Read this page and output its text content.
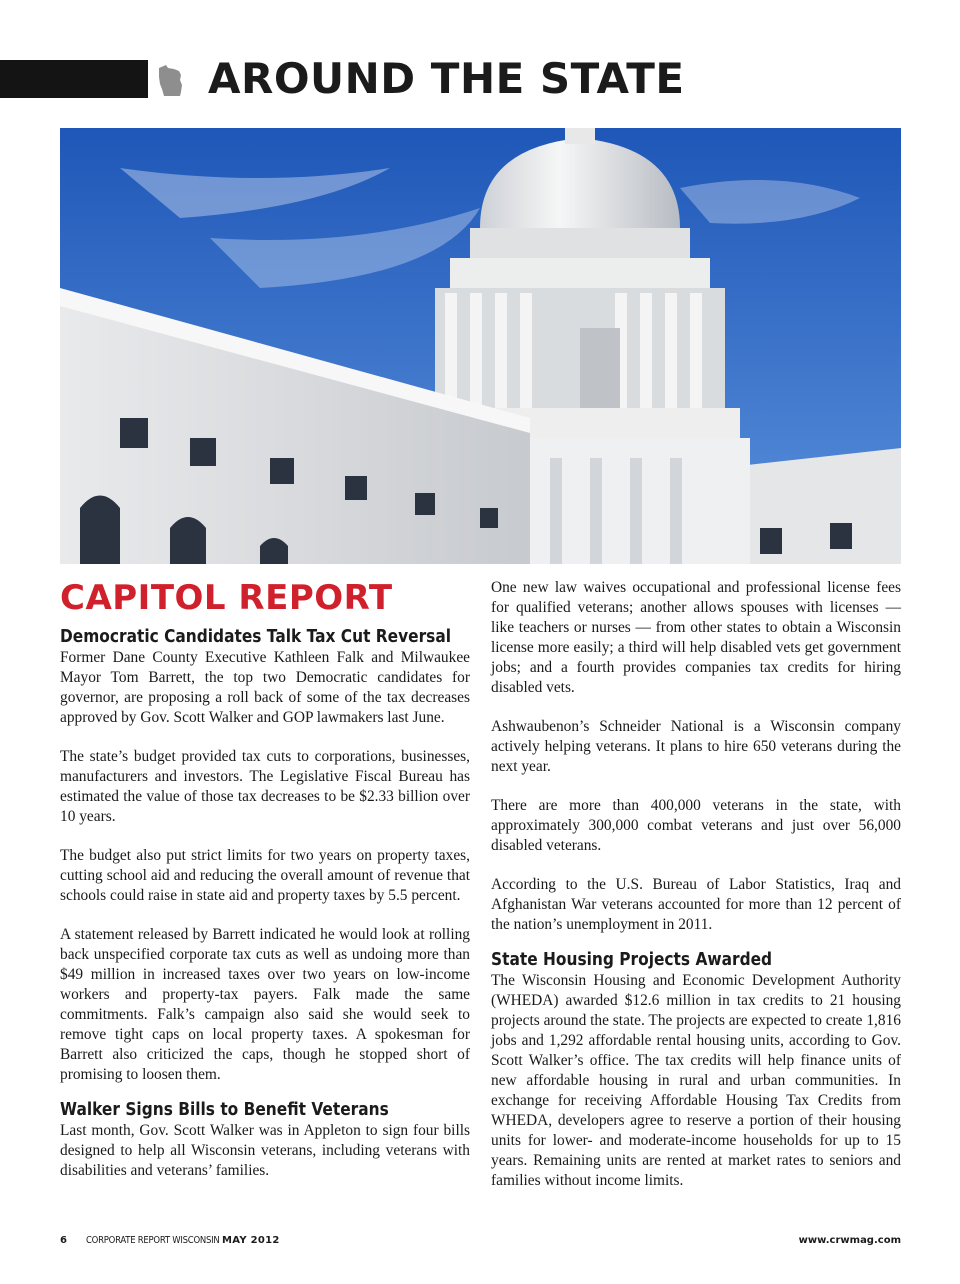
AROUND THE STATE
CAPITOL REPORT
Democratic Candidates Talk Tax Cut Reversal

Former Dane County Executive Kathleen Falk and Milwaukee Mayor Tom Barrett, the top two Democratic candidates for governor, are proposing a roll back of some of the tax decreases approved by Gov. Scott Walker and GOP lawmakers last June.

The state’s budget provided tax cuts to corporations, businesses, manufacturers and investors. The Legislative Fiscal Bureau has estimated the value of those tax decreases to be $2.33 billion over 10 years.

The budget also put strict limits for two years on property taxes, cutting school aid and reducing the overall amount of revenue that schools could raise in state aid and property taxes by 5.5 percent.

A statement released by Barrett indicated he would look at rolling back unspecified corporate tax cuts as well as undoing more than $49 million in increased taxes over two years on low-income workers and property-tax payers. Falk made the same commitments. Falk’s campaign also said she would seek to remove tight caps on local property taxes. A spokesman for Barrett also criticized the caps, though he stopped short of promising to loosen them.

Walker Signs Bills to Benefit Veterans

Last month, Gov. Scott Walker was in Appleton to sign four bills designed to help all Wisconsin veterans, including veterans with disabilities and veterans’ families.

One new law waives occupational and professional license fees for qualified veterans; another allows spouses with licenses — like teachers or nurses — from other states to obtain a Wisconsin license more easily; a third will help disabled vets get government jobs; and a fourth provides companies tax credits for hiring disabled vets.

Ashwaubenon’s Schneider National is a Wisconsin company actively helping veterans. It plans to hire 650 veterans during the next year.

There are more than 400,000 veterans in the state, with approximately 300,000 combat veterans and just over 56,000 disabled veterans.

According to the U.S. Bureau of Labor Statistics, Iraq and Afghanistan War veterans accounted for more than 12 percent of the nation’s unemployment in 2011.

State Housing Projects Awarded

The Wisconsin Housing and Economic Development Authority (WHEDA) awarded $12.6 million in tax credits to 21 housing projects around the state. The projects are expected to create 1,816 jobs and 1,292 affordable rental housing units, according to Gov. Scott Walker’s office. The tax credits will help finance units of new affordable housing in rural and urban communities. In exchange for receiving Affordable Housing Tax Credits from WHEDA, developers agree to reserve a portion of their housing units for lower- and moderate-income households for up to 15 years. Remaining units are rented at market rates to seniors and families without income limits.

6 CORPORATE REPORT WISCONSIN MAY 2012	www.crwmag.com
